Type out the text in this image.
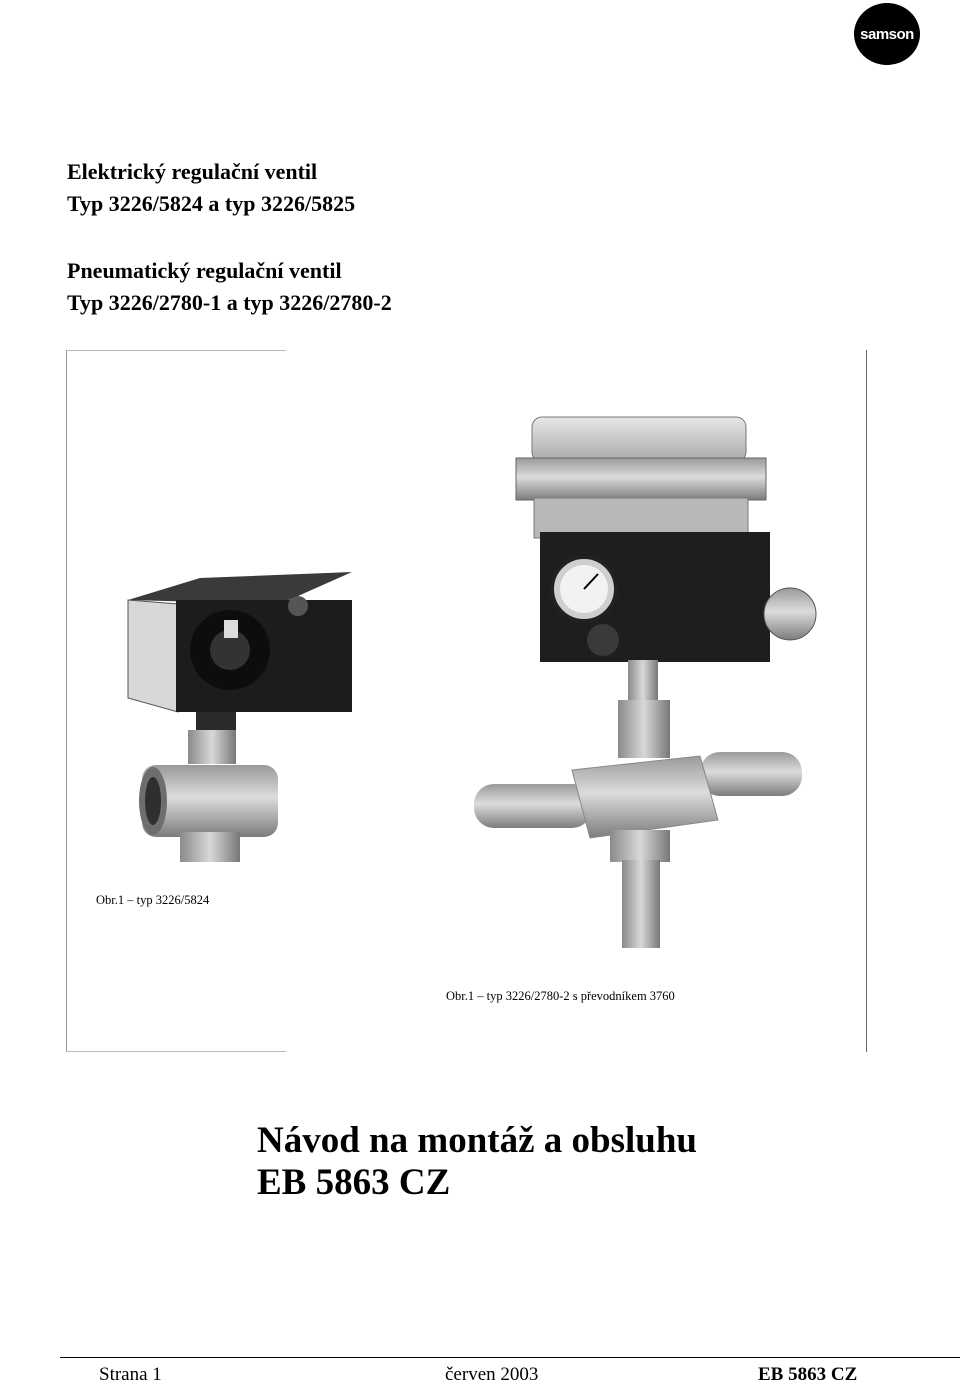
samson
Elektrický regulační ventil
Typ 3226/5824 a typ 3226/5825
Pneumatický regulační ventil
Typ 3226/2780-1 a typ 3226/2780-2
Obr.1 – typ 3226/5824
Obr.1 – typ 3226/2780-2 s převodníkem 3760
Návod na montáž a obsluhu
EB 5863 CZ
Strana 1	červen 2003	EB 5863 CZ
